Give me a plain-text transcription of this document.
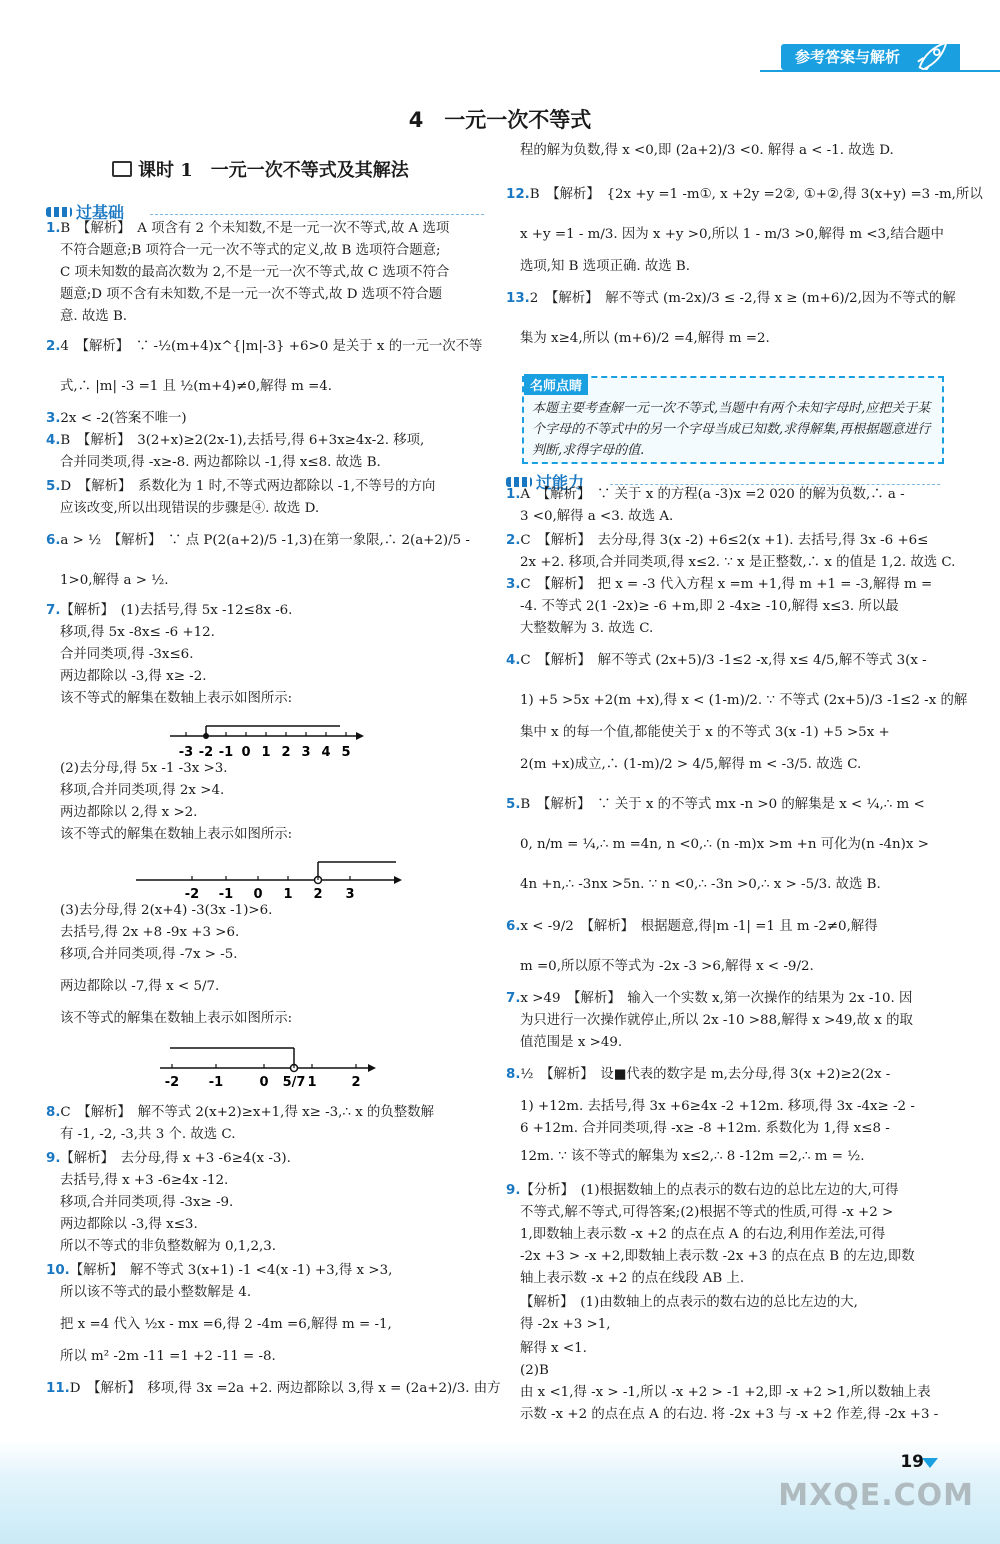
参考答案与解析
4　一元一次不等式
课时 1　一元一次不等式及其解法
过基础
过能力
名师点睛
本题主要考查解一元一次不等式,当题中有两个未知字母时,应把关于某个字母的不等式中的另一个字母当成已知数,求得解集,再根据题意进行判断,求得字母的值.
1.B　【解析】　A 项含有 2 个未知数,不是一元一次不等式,故 A 选项
不符合题意;B 项符合一元一次不等式的定义,故 B 选项符合题意;
C 项未知数的最高次数为 2,不是一元一次不等式,故 C 选项不符合
题意;D 项不含有未知数,不是一元一次不等式,故 D 选项不符合题
意. 故选 B.
2.4　【解析】　∵ -½(m+4)x^{|m|-3} +6>0 是关于 x 的一元一次不等
式,∴ |m| -3 =1 且 ½(m+4)≠0,解得 m =4.
3.2x < -2(答案不唯一)
4.B　【解析】　3(2+x)≥2(2x-1),去括号,得 6+3x≥4x-2. 移项,
合并同类项,得 -x≥-8. 两边都除以 -1,得 x≤8. 故选 B.
5.D　【解析】　系数化为 1 时,不等式两边都除以 -1,不等号的方向
应该改变,所以出现错误的步骤是④. 故选 D.
6.a > ½　【解析】　∵ 点 P(2(a+2)/5 -1,3)在第一象限,∴ 2(a+2)/5 -
1>0,解得 a > ½.
7.【解析】　(1)去括号,得 5x -12≤8x -6.
移项,得 5x -8x≤ -6 +12.
合并同类项,得 -3x≤6.
两边都除以 -3,得 x≥ -2.
该不等式的解集在数轴上表示如图所示:
(2)去分母,得 5x -1 -3x >3.
移项,合并同类项,得 2x >4.
两边都除以 2,得 x >2.
该不等式的解集在数轴上表示如图所示:
(3)去分母,得 2(x+4) -3(3x -1)>6.
去括号,得 2x +8 -9x +3 >6.
移项,合并同类项,得 -7x > -5.
两边都除以 -7,得 x < 5/7.
该不等式的解集在数轴上表示如图所示:
8.C　【解析】　解不等式 2(x+2)≥x+1,得 x≥ -3,∴ x 的负整数解
有 -1, -2, -3,共 3 个. 故选 C.
9.【解析】　去分母,得 x +3 -6≥4(x -3).
去括号,得 x +3 -6≥4x -12.
移项,合并同类项,得 -3x≥ -9.
两边都除以 -3,得 x≤3.
所以不等式的非负整数解为 0,1,2,3.
10.【解析】　解不等式 3(x+1) -1 <4(x -1) +3,得 x >3,
所以该不等式的最小整数解是 4.
把 x =4 代入 ½x - mx =6,得 2 -4m =6,解得 m = -1,
所以 m² -2m -11 =1 +2 -11 = -8.
11.D　【解析】　移项,得 3x =2a +2. 两边都除以 3,得 x = (2a+2)/3. 由方
程的解为负数,得 x <0,即 (2a+2)/3 <0. 解得 a < -1. 故选 D.
12.B　【解析】　{2x +y =1 -m①, x +2y =2②, ①+②,得 3(x+y) =3 -m,所以
x +y =1 - m/3. 因为 x +y >0,所以 1 - m/3 >0,解得 m <3,结合题中
选项,知 B 选项正确. 故选 B.
13.2　【解析】　解不等式 (m-2x)/3 ≤ -2,得 x ≥ (m+6)/2,因为不等式的解
集为 x≥4,所以 (m+6)/2 =4,解得 m =2.
1.A　【解析】　∵ 关于 x 的方程(a -3)x =2 020 的解为负数,∴ a -
3 <0,解得 a <3. 故选 A.
2.C　【解析】　去分母,得 3(x -2) +6≤2(x +1). 去括号,得 3x -6 +6≤
2x +2. 移项,合并同类项,得 x≤2. ∵ x 是正整数,∴ x 的值是 1,2. 故选 C.
3.C　【解析】　把 x = -3 代入方程 x =m +1,得 m +1 = -3,解得 m =
-4. 不等式 2(1 -2x)≥ -6 +m,即 2 -4x≥ -10,解得 x≤3. 所以最
大整数解为 3. 故选 C.
4.C　【解析】　解不等式 (2x+5)/3 -1≤2 -x,得 x≤ 4/5,解不等式 3(x -
1) +5 >5x +2(m +x),得 x < (1-m)/2. ∵ 不等式 (2x+5)/3 -1≤2 -x 的解
集中 x 的每一个值,都能使关于 x 的不等式 3(x -1) +5 >5x +
2(m +x)成立,∴ (1-m)/2 > 4/5,解得 m < -3/5. 故选 C.
5.B　【解析】　∵ 关于 x 的不等式 mx -n >0 的解集是 x < ¼,∴ m <
0, n/m = ¼,∴ m =4n, n <0,∴ (n -m)x >m +n 可化为(n -4n)x >
4n +n,∴ -3nx >5n. ∵ n <0,∴ -3n >0,∴ x > -5/3. 故选 B.
6.x < -9/2　【解析】　根据题意,得|m -1| =1 且 m -2≠0,解得
m =0,所以原不等式为 -2x -3 >6,解得 x < -9/2.
7.x >49　【解析】　输入一个实数 x,第一次操作的结果为 2x -10. 因
为只进行一次操作就停止,所以 2x -10 >88,解得 x >49,故 x 的取
值范围是 x >49.
8.½　【解析】　设■代表的数字是 m,去分母,得 3(x +2)≥2(2x -
1) +12m. 去括号,得 3x +6≥4x -2 +12m. 移项,得 3x -4x≥ -2 -
6 +12m. 合并同类项,得 -x≥ -8 +12m. 系数化为 1,得 x≤8 -
12m. ∵ 该不等式的解集为 x≤2,∴ 8 -12m =2,∴ m = ½.
9.【分析】　(1)根据数轴上的点表示的数右边的总比左边的大,可得
不等式,解不等式,可得答案;(2)根据不等式的性质,可得 -x +2 >
1,即数轴上表示数 -x +2 的点在点 A 的右边,利用作差法,可得
-2x +3 > -x +2,即数轴上表示数 -2x +3 的点在点 B 的左边,即数
轴上表示数 -x +2 的点在线段 AB 上.
【解析】　(1)由数轴上的点表示的数右边的总比左边的大,
得 -2x +3 >1,
解得 x <1.
(2)B
由 x <1,得 -x > -1,所以 -x +2 > -1 +2,即 -x +2 >1,所以数轴上表
示数 -x +2 的点在点 A 的右边. 将 -2x +3 与 -x +2 作差,得 -2x +3 -
-3 -2 -1 0 1 2 3 4 5
-2 -1 0 1 2 3
-2 -1	0 5/7 1	2
19
MXQE.COM
